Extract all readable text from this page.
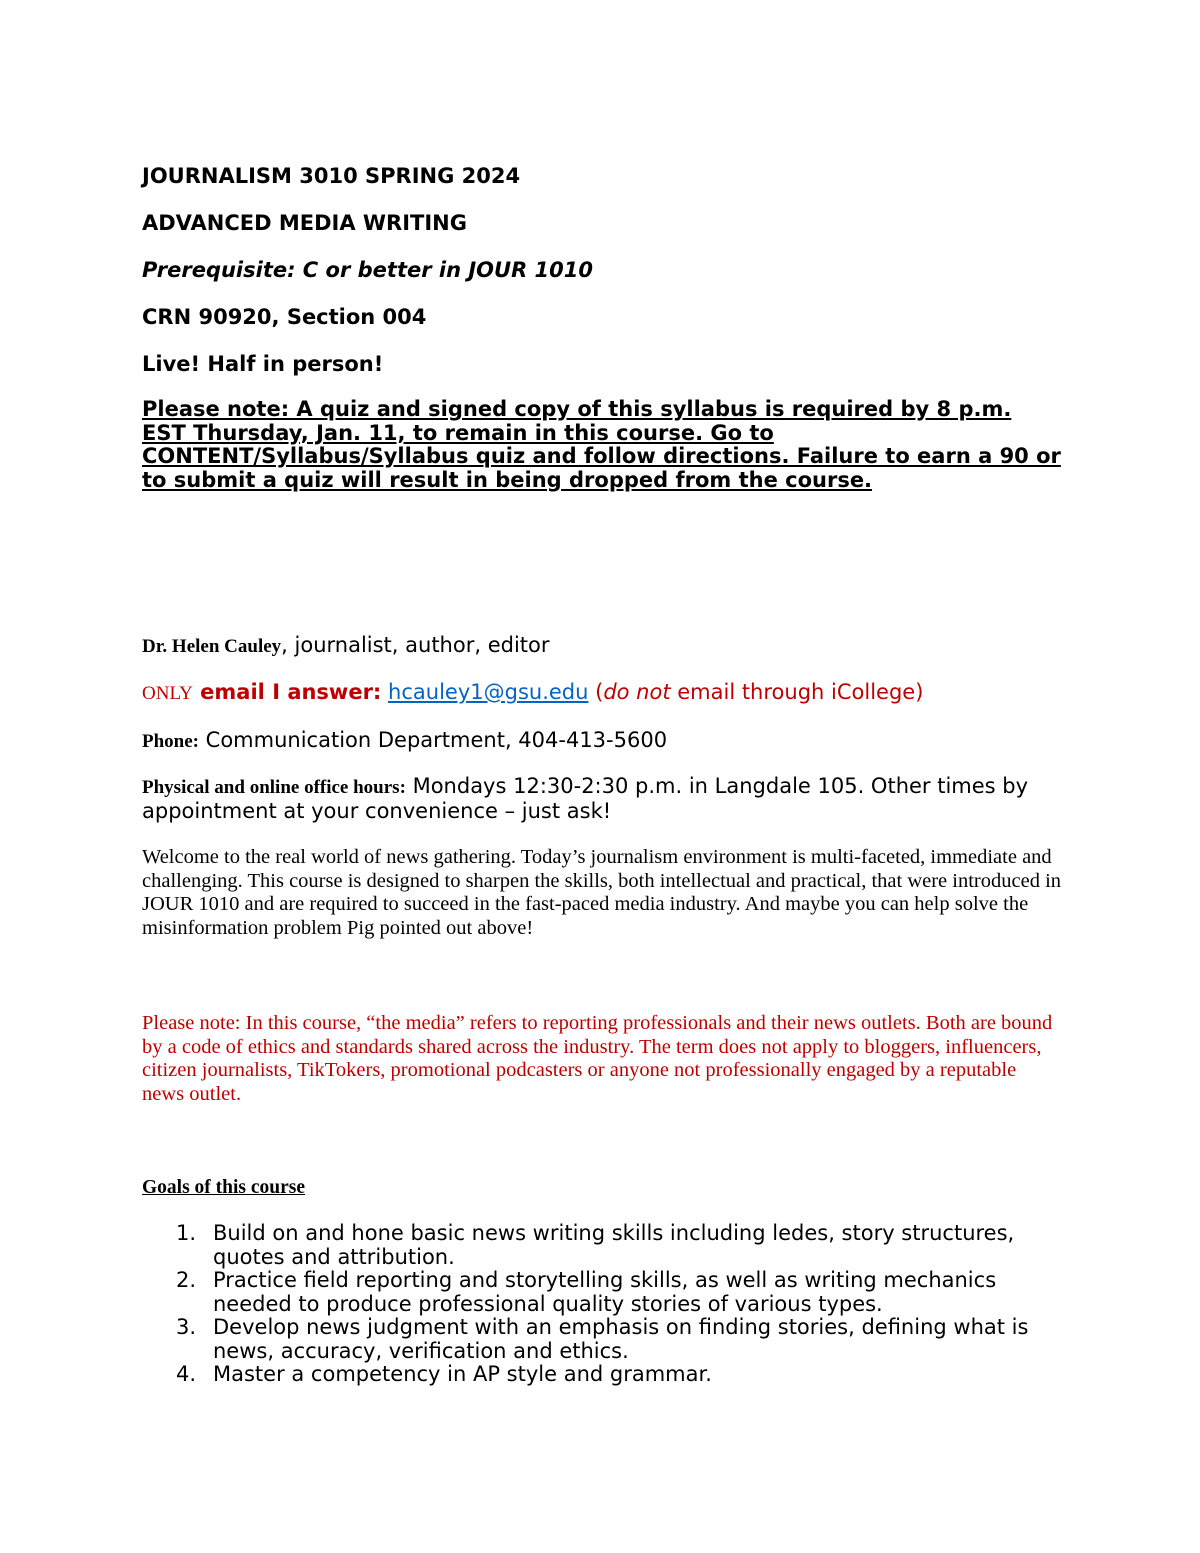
JOURNALISM 3010 SPRING 2024

ADVANCED MEDIA WRITING

Prerequisite: C or better in JOUR 1010

CRN 90920, Section 004

Live! Half in person!

Please note: A quiz and signed copy of this syllabus is required by 8 p.m. EST Thursday, Jan. 11, to remain in this course. Go to CONTENT/Syllabus/Syllabus quiz and follow directions. Failure to earn a 90 or to submit a quiz will result in being dropped from the course.

Dr. Helen Cauley, journalist, author, editor

ONLY email I answer: hcauley1@gsu.edu (do not email through iCollege)

Phone: Communication Department, 404-413-5600

Physical and online office hours: Mondays 12:30-2:30 p.m. in Langdale 105. Other times by appointment at your convenience – just ask!

Welcome to the real world of news gathering. Today’s journalism environment is multi-faceted, immediate and challenging. This course is designed to sharpen the skills, both intellectual and practical, that were introduced in JOUR 1010 and are required to succeed in the fast-paced media industry. And maybe you can help solve the misinformation problem Pig pointed out above!

Please note: In this course, “the media” refers to reporting professionals and their news outlets. Both are bound by a code of ethics and standards shared across the industry. The term does not apply to bloggers, influencers, citizen journalists, TikTokers, promotional podcasters or anyone not professionally engaged by a reputable news outlet.

Goals of this course

1. Build on and hone basic news writing skills including ledes, story structures, quotes and attribution.
2. Practice field reporting and storytelling skills, as well as writing mechanics needed to produce professional quality stories of various types.
3. Develop news judgment with an emphasis on finding stories, defining what is news, accuracy, verification and ethics.
4. Master a competency in AP style and grammar.
